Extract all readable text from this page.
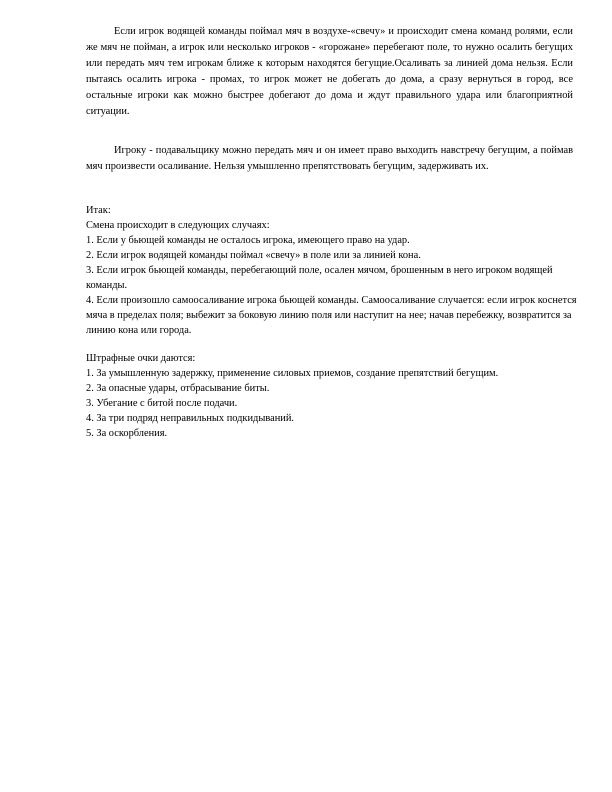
Если игрок водящей команды поймал мяч в воздухе-«свечу» и происходит смена команд ролями, если же мяч не пойман, а игрок или несколько игроков - «горожане» перебегают поле, то нужно осалить бегущих или передать мяч тем игрокам ближе к которым находятся бегущие.Осаливать за линией дома нельзя. Если пытаясь осалить игрока - промах, то игрок может не добегать до дома, а сразу вернуться в город, все остальные игроки как можно быстрее добегают до дома и ждут правильного удара или благоприятной ситуации.

Игроку - подавальщику можно передать мяч и он имеет право выходить навстречу бегущим, а поймав мяч произвести осаливание. Нельзя умышленно препятствовать бегущим, задерживать их.

Итак:
Смена происходит в следующих случаях:
1. Если у бьющей команды не осталось игрока, имеющего право на удар.
2. Если игрок водящей команды поймал «свечу» в поле или за линией кона.
3. Если игрок бьющей команды, перебегающий поле, осален мячом, брошенным в него игроком водящей команды.
4. Если произошло самоосаливание игрока бьющей команды. Самоосаливание случается: если игрок коснется мяча в пределах поля; выбежит за боковую линию поля или наступит на нее; начав перебежку, возвратится за линию кона или города.
Штрафные очки даются:
1. За умышленную задержку, применение силовых приемов, создание препятствий бегущим.
2. За опасные удары, отбрасывание биты.
3. Убегание с битой после подачи.
4. За три подряд неправильных подкидываний.
5. За оскорбления.
